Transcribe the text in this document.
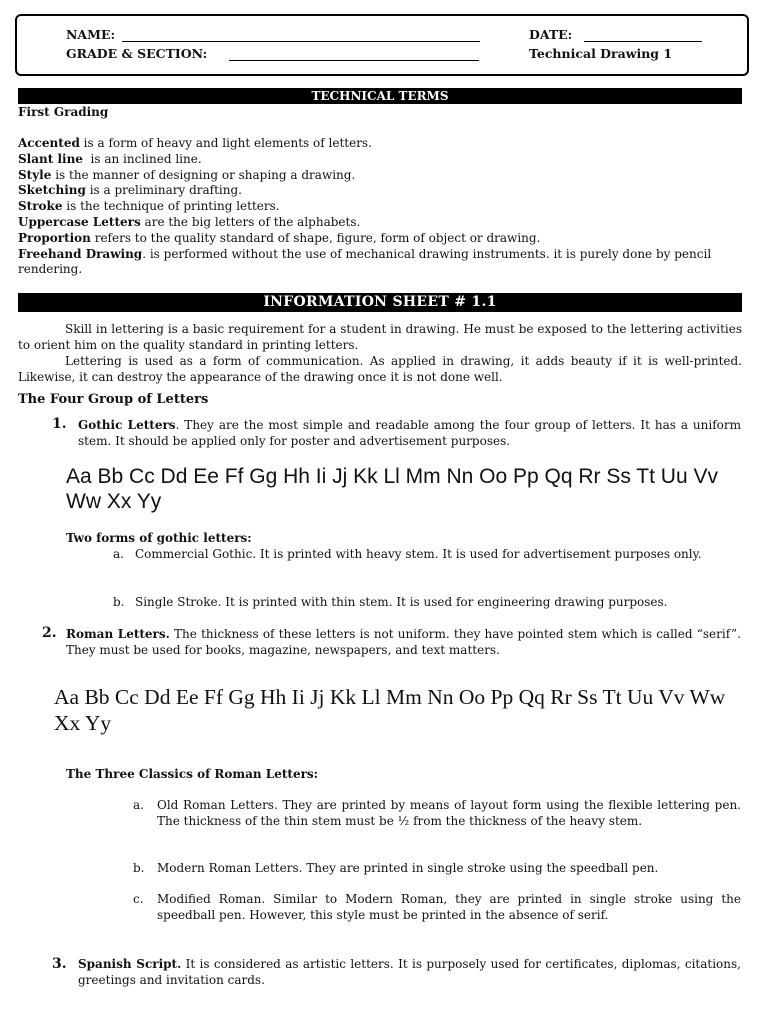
NAME:
GRADE & SECTION:
DATE:
Technical Drawing 1
TECHNICAL TERMS
First Grading
Accented is a form of heavy and light elements of letters.
Slant line  is an inclined line.
Style is the manner of designing or shaping a drawing.
Sketching is a preliminary drafting.
Stroke is the technique of printing letters.
Uppercase Letters are the big letters of the alphabets.
Proportion refers to the quality standard of shape, figure, form of object or drawing.
Freehand Drawing. is performed without the use of mechanical drawing instruments. it is purely done by pencil rendering.
INFORMATION SHEET # 1.1
Skill in lettering is a basic requirement for a student in drawing. He must be exposed to the lettering activities to orient him on the quality standard in printing letters.
Lettering is used as a form of communication. As applied in drawing, it adds beauty if it is well-printed. Likewise, it can destroy the appearance of the drawing once it is not done well.
The Four Group of Letters
1. Gothic Letters. They are the most simple and readable among the four group of letters. It has a uniform stem. It should be applied only for poster and advertisement purposes.
Aa Bb Cc Dd Ee Ff Gg Hh Ii Jj Kk Ll Mm Nn Oo Pp Qq Rr Ss Tt Uu Vv Ww Xx Yy
Two forms of gothic letters:
a. Commercial Gothic. It is printed with heavy stem. It is used for advertisement purposes only.
b. Single Stroke. It is printed with thin stem. It is used for engineering drawing purposes.
2. Roman Letters. The thickness of these letters is not uniform. they have pointed stem which is called “serif”. They must be used for books, magazine, newspapers, and text matters.
Aa Bb Cc Dd Ee Ff Gg Hh Ii Jj Kk Ll Mm Nn Oo Pp Qq Rr Ss Tt Uu Vv Ww Xx Yy
The Three Classics of Roman Letters:
a. Old Roman Letters. They are printed by means of layout form using the flexible lettering pen. The thickness of the thin stem must be ½ from the thickness of the heavy stem.
b. Modern Roman Letters. They are printed in single stroke using the speedball pen.
c. Modified Roman. Similar to Modern Roman, they are printed in single stroke using the speedball pen. However, this style must be printed in the absence of serif.
3. Spanish Script. It is considered as artistic letters. It is purposely used for certificates, diplomas, citations,  greetings and invitation cards.
